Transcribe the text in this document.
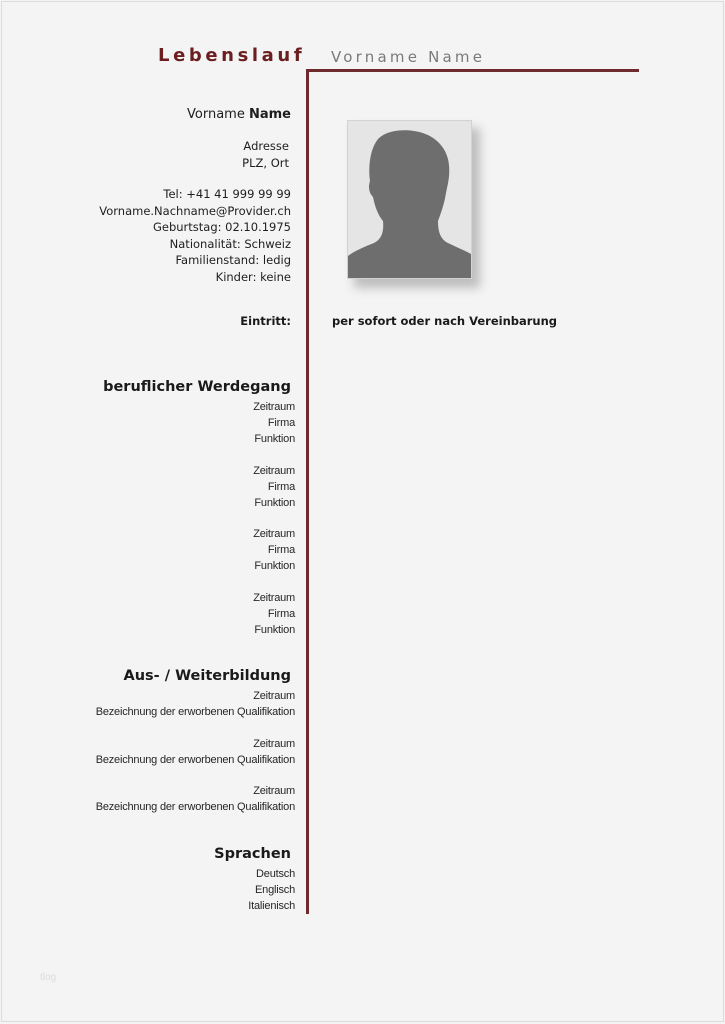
Lebenslauf Vorname Name
Vorname Name
Adresse
PLZ, Ort
Tel: +41 41 999 99 99
Vorname.Nachname@Provider.ch
Geburtstag: 02.10.1975
Nationalität: Schweiz
Familienstand: ledig
Kinder: keine
Eintritt:	per sofort oder nach Vereinbarung
beruflicher Werdegang
Zeitraum
Firma
Funktion
Zeitraum
Firma
Funktion
Zeitraum
Firma
Funktion
Zeitraum
Firma
Funktion
Aus- / Weiterbildung
Zeitraum
Bezeichnung der erworbenen Qualifikation
Zeitraum
Bezeichnung der erworbenen Qualifikation
Zeitraum
Bezeichnung der erworbenen Qualifikation
Sprachen
Deutsch
Englisch
Italienisch
tlog
